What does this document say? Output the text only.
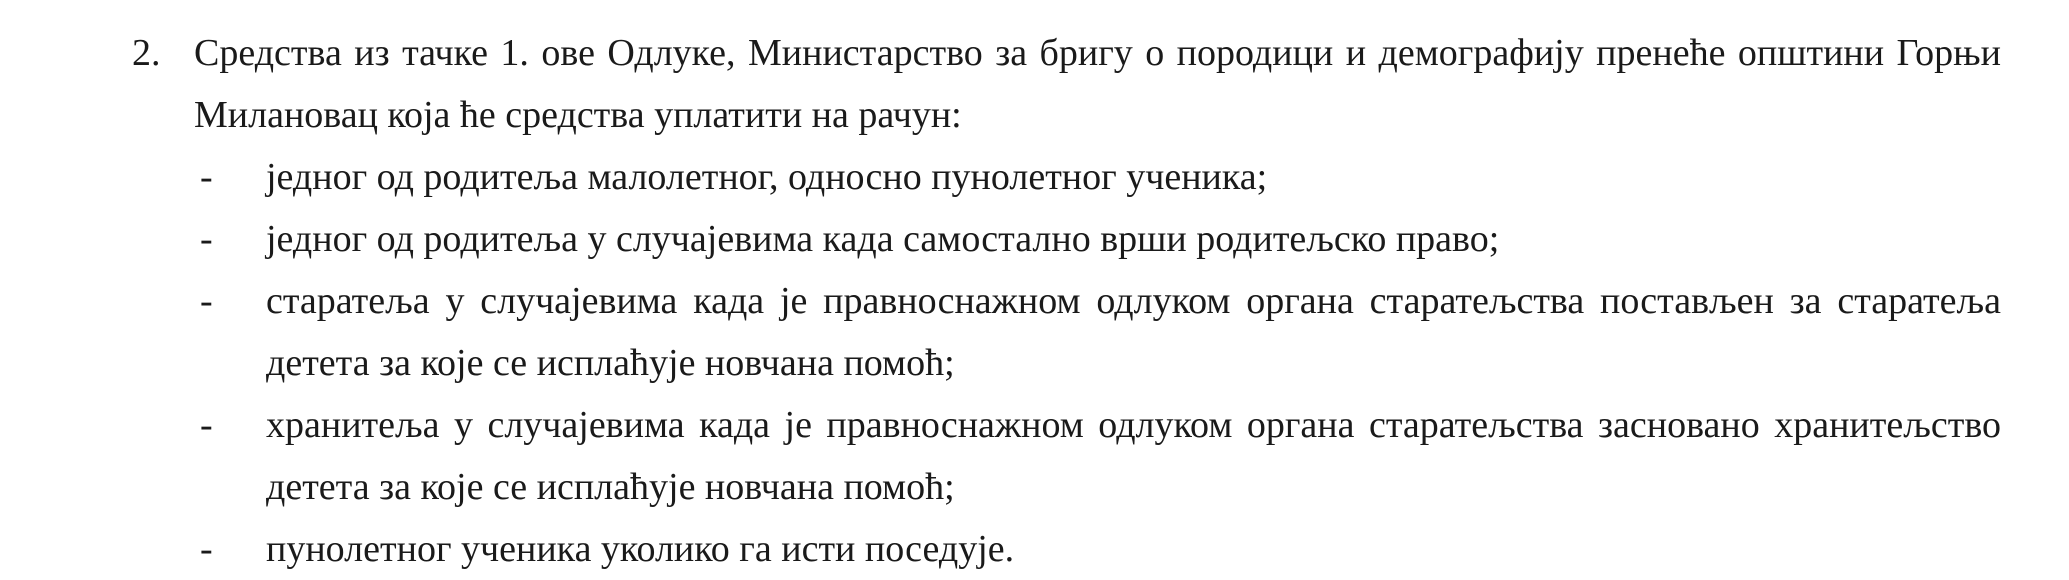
2. Средства из тачке 1. ове Одлуке, Министарство за бригу о породици и демографију пренеће општини Горњи Милановац која ће средства уплатити на рачун:

-	једног од родитеља малолетног, односно пунолетног ученика;
-	једног од родитеља у случајевима када самостално врши родитељско право;
-	старатеља у случајевима када је правноснажном одлуком органа старатељства постављен за старатеља детета за које се исплаћује новчана помоћ;
-	хранитеља у случајевима када је правноснажном одлуком органа старатељства засновано хранитељство детета за које се исплаћује новчана помоћ;
-	пунолетног ученика уколико га исти поседује.
